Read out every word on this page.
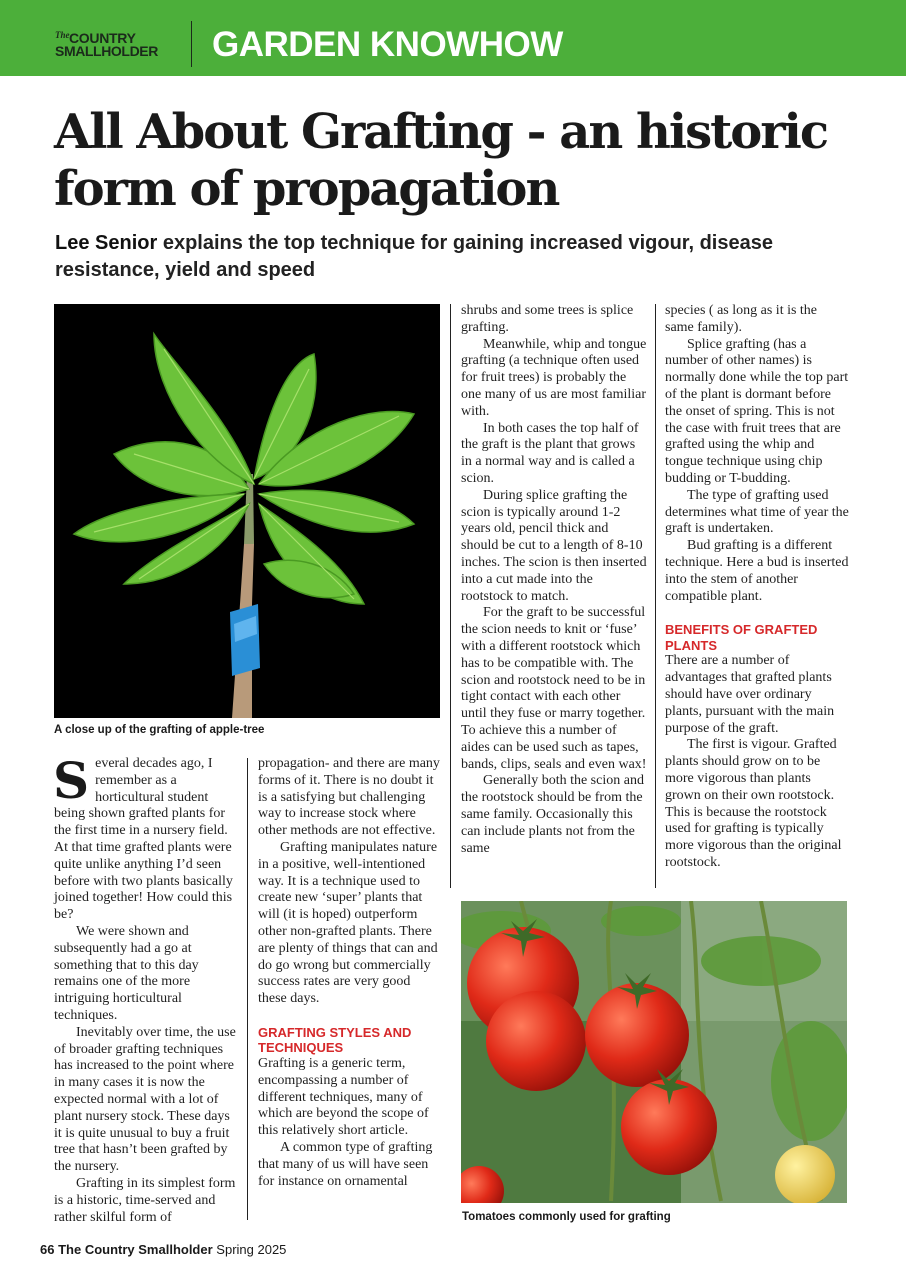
The COUNTRY
SMALLHOLDER GARDEN KNOWHOW
All About Grafting - an historic
form of propagation
Lee Senior explains the top technique for gaining increased vigour, disease resistance, yield and speed
A close up of the grafting of apple-tree

Several decades ago, I remember as a horticultural student being shown grafted plants for the first time in a nursery field. At that time grafted plants were quite unlike anything I’d seen before with two plants basically joined together! How could this be?

We were shown and subsequently had a go at something that to this day remains one of the more intriguing horticultural techniques.

Inevitably over time, the use of broader grafting techniques has increased to the point where in many cases it is now the expected normal with a lot of plant nursery stock. These days it is quite unusual to buy a fruit tree that hasn’t been grafted by the nursery.

Grafting in its simplest form is a historic, time-served and rather skilful form of

propagation- and there are many forms of it. There is no doubt it is a satisfying but challenging way to increase stock where other methods are not effective.

Grafting manipulates nature in a positive, well-intentioned way. It is a technique used to create new ‘super’ plants that will (it is hoped) outperform other non-grafted plants. There are plenty of things that can and do go wrong but commercially success rates are very good these days.

GRAFTING STYLES AND TECHNIQUES

Grafting is a generic term, encompassing a number of different techniques, many of which are beyond the scope of this relatively short article.

A common type of grafting that many of us will have seen for instance on ornamental

shrubs and some trees is splice grafting.

Meanwhile, whip and tongue grafting (a technique often used for fruit trees) is probably the one many of us are most familiar with.

In both cases the top half of the graft is the plant that grows in a normal way and is called a scion.

During splice grafting the scion is typically around 1-2 years old, pencil thick and should be cut to a length of 8-10 inches. The scion is then inserted into a cut made into the rootstock to match.

For the graft to be successful the scion needs to knit or ‘fuse’ with a different rootstock which has to be compatible with. The scion and rootstock need to be in tight contact with each other until they fuse or marry together. To achieve this a number of aides can be used such as tapes, bands, clips, seals and even wax!

Generally both the scion and the rootstock should be from the same family. Occasionally this can include plants not from the same

species ( as long as it is the same family).

Splice grafting (has a number of other names) is normally done while the top part of the plant is dormant before the onset of spring. This is not the case with fruit trees that are grafted using the whip and tongue technique using chip budding or T-budding.

The type of grafting used determines what time of year the graft is undertaken.

Bud grafting is a different technique. Here a bud is inserted into the stem of another compatible plant.

BENEFITS OF GRAFTED PLANTS

There are a number of advantages that grafted plants should have over ordinary plants, pursuant with the main purpose of the graft.

The first is vigour. Grafted plants should grow on to be more vigorous than plants grown on their own rootstock. This is because the rootstock used for grafting is typically more vigorous than the original rootstock.

Tomatoes commonly used for grafting
66 The Country Smallholder Spring 2025
